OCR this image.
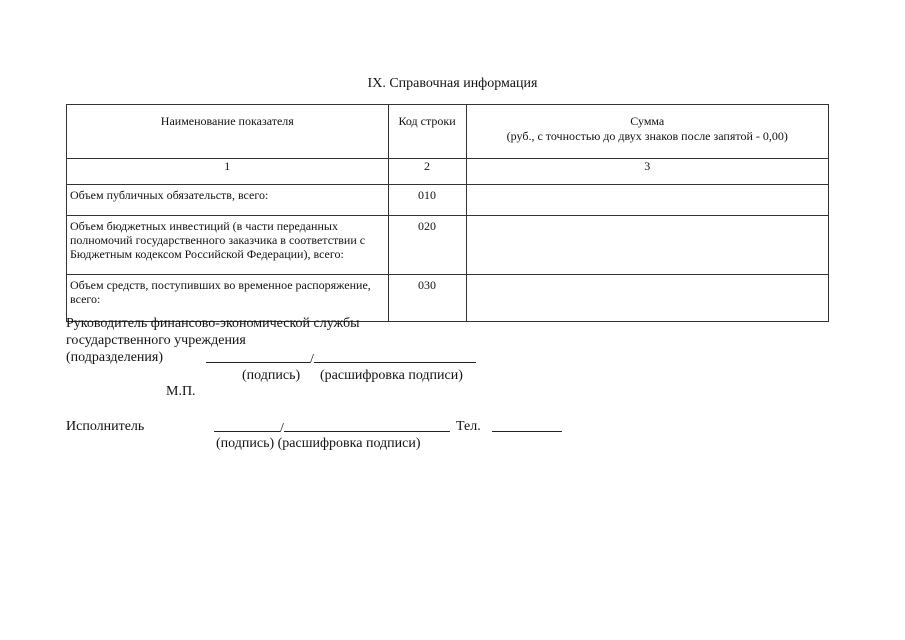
IX. Справочная информация
Наименование показателя	Код строки	Сумма
(руб., с точностью до двух знаков после запятой - 0,00)

1	2	3
Объем публичных обязательств, всего:	010	
Объем бюджетных инвестиций (в части переданных полномочий государственного заказчика в соответствии с Бюджетным кодексом Российской Федерации), всего:	020	
Объем средств, поступивших во временное распоряжение, всего:	030	
Руководитель финансово-экономической службы
государственного учреждения
(подразделения)	/
(подпись) (расшифровка подписи)
М.П.
Исполнитель	/	Тел.
(подпись) (расшифровка подписи)
